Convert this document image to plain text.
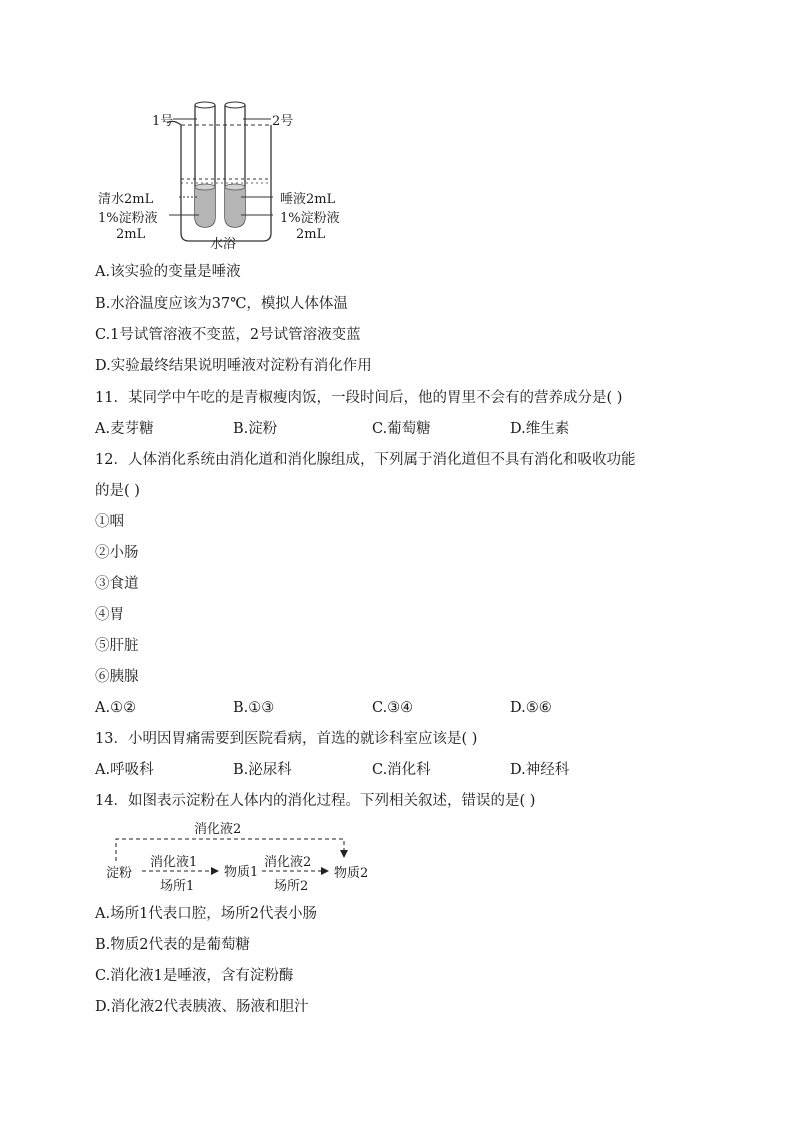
1号	2号
清水2mL
1%淀粉液
2mL
唾液2mL
1%淀粉液
2mL
水浴
A.该实验的变量是唾液
B.水浴温度应该为37℃，模拟人体体温
C.1号试管溶液不变蓝，2号试管溶液变蓝
D.实验最终结果说明唾液对淀粉有消化作用
11．某同学中午吃的是青椒瘦肉饭，一段时间后，他的胃里不会有的营养成分是( )
A.麦芽糖	B.淀粉	C.葡萄糖	D.维生素
12．人体消化系统由消化道和消化腺组成，下列属于消化道但不具有消化和吸收功能
的是( )
①咽
②小肠
③食道
④胃
⑤肝脏
⑥胰腺
A.①②	B.①③	C.③④	D.⑤⑥
13．小明因胃痛需要到医院看病，首选的就诊科室应该是( )
A.呼吸科	B.泌尿科	C.消化科	D.神经科
14．如图表示淀粉在人体内的消化过程。下列相关叙述，错误的是( )
消化液2
淀粉
消化液1
场所1
物质1
消化液2
场所2
物质2
A.场所1代表口腔，场所2代表小肠
B.物质2代表的是葡萄糖
C.消化液1是唾液，含有淀粉酶
D.消化液2代表胰液、肠液和胆汁
